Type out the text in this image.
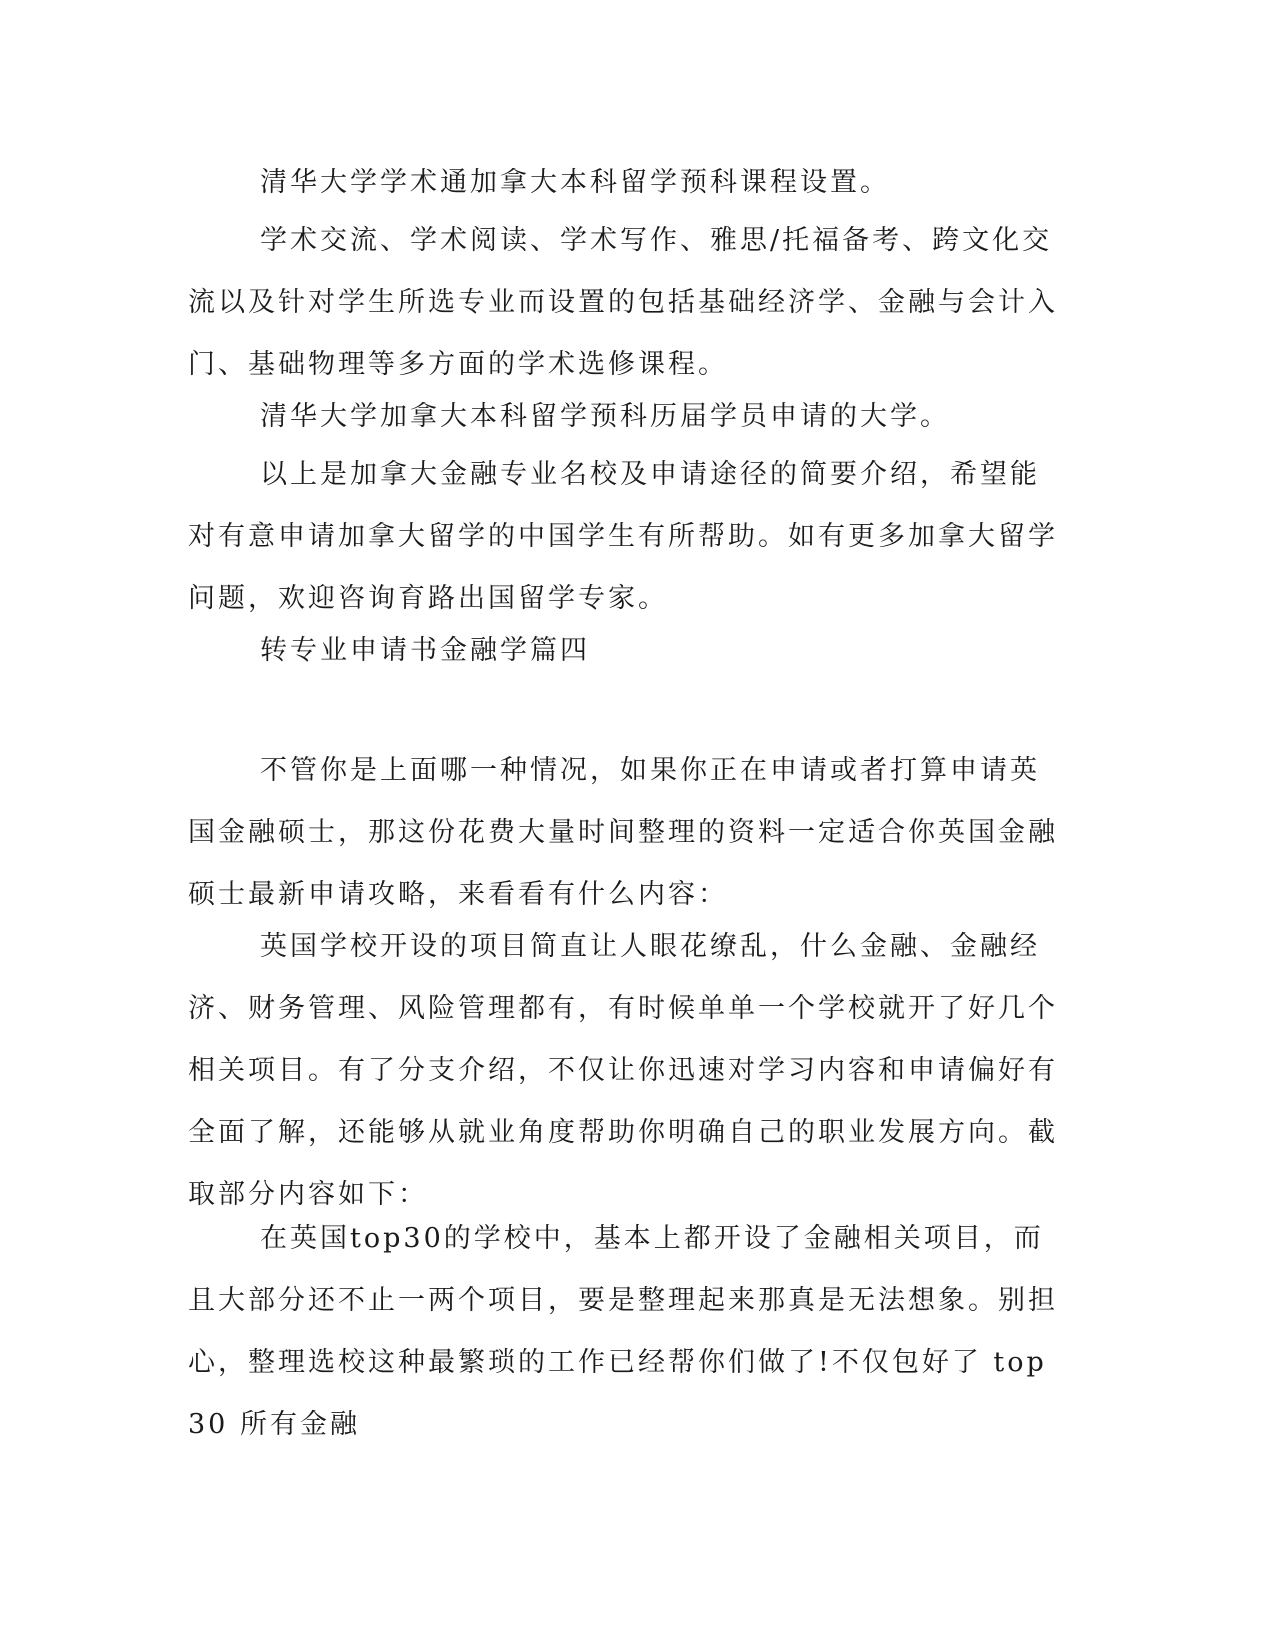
清华大学学术通加拿大本科留学预科课程设置。

学术交流、学术阅读、学术写作、雅思/托福备考、跨文化交流以及针对学生所选专业而设置的包括基础经济学、金融与会计入门、基础物理等多方面的学术选修课程。

清华大学加拿大本科留学预科历届学员申请的大学。

以上是加拿大金融专业名校及申请途径的简要介绍，希望能对有意申请加拿大留学的中国学生有所帮助。如有更多加拿大留学问题，欢迎咨询育路出国留学专家。

转专业申请书金融学篇四

不管你是上面哪一种情况，如果你正在申请或者打算申请英国金融硕士，那这份花费大量时间整理的资料一定适合你英国金融硕士最新申请攻略，来看看有什么内容：

英国学校开设的项目简直让人眼花缭乱，什么金融、金融经济、财务管理、风险管理都有，有时候单单一个学校就开了好几个相关项目。有了分支介绍，不仅让你迅速对学习内容和申请偏好有全面了解，还能够从就业角度帮助你明确自己的职业发展方向。截取部分内容如下：

在英国top30的学校中，基本上都开设了金融相关项目，而且大部分还不止一两个项目，要是整理起来那真是无法想象。别担心，整理选校这种最繁琐的工作已经帮你们做了!不仅包好了 top 30 所有金融
